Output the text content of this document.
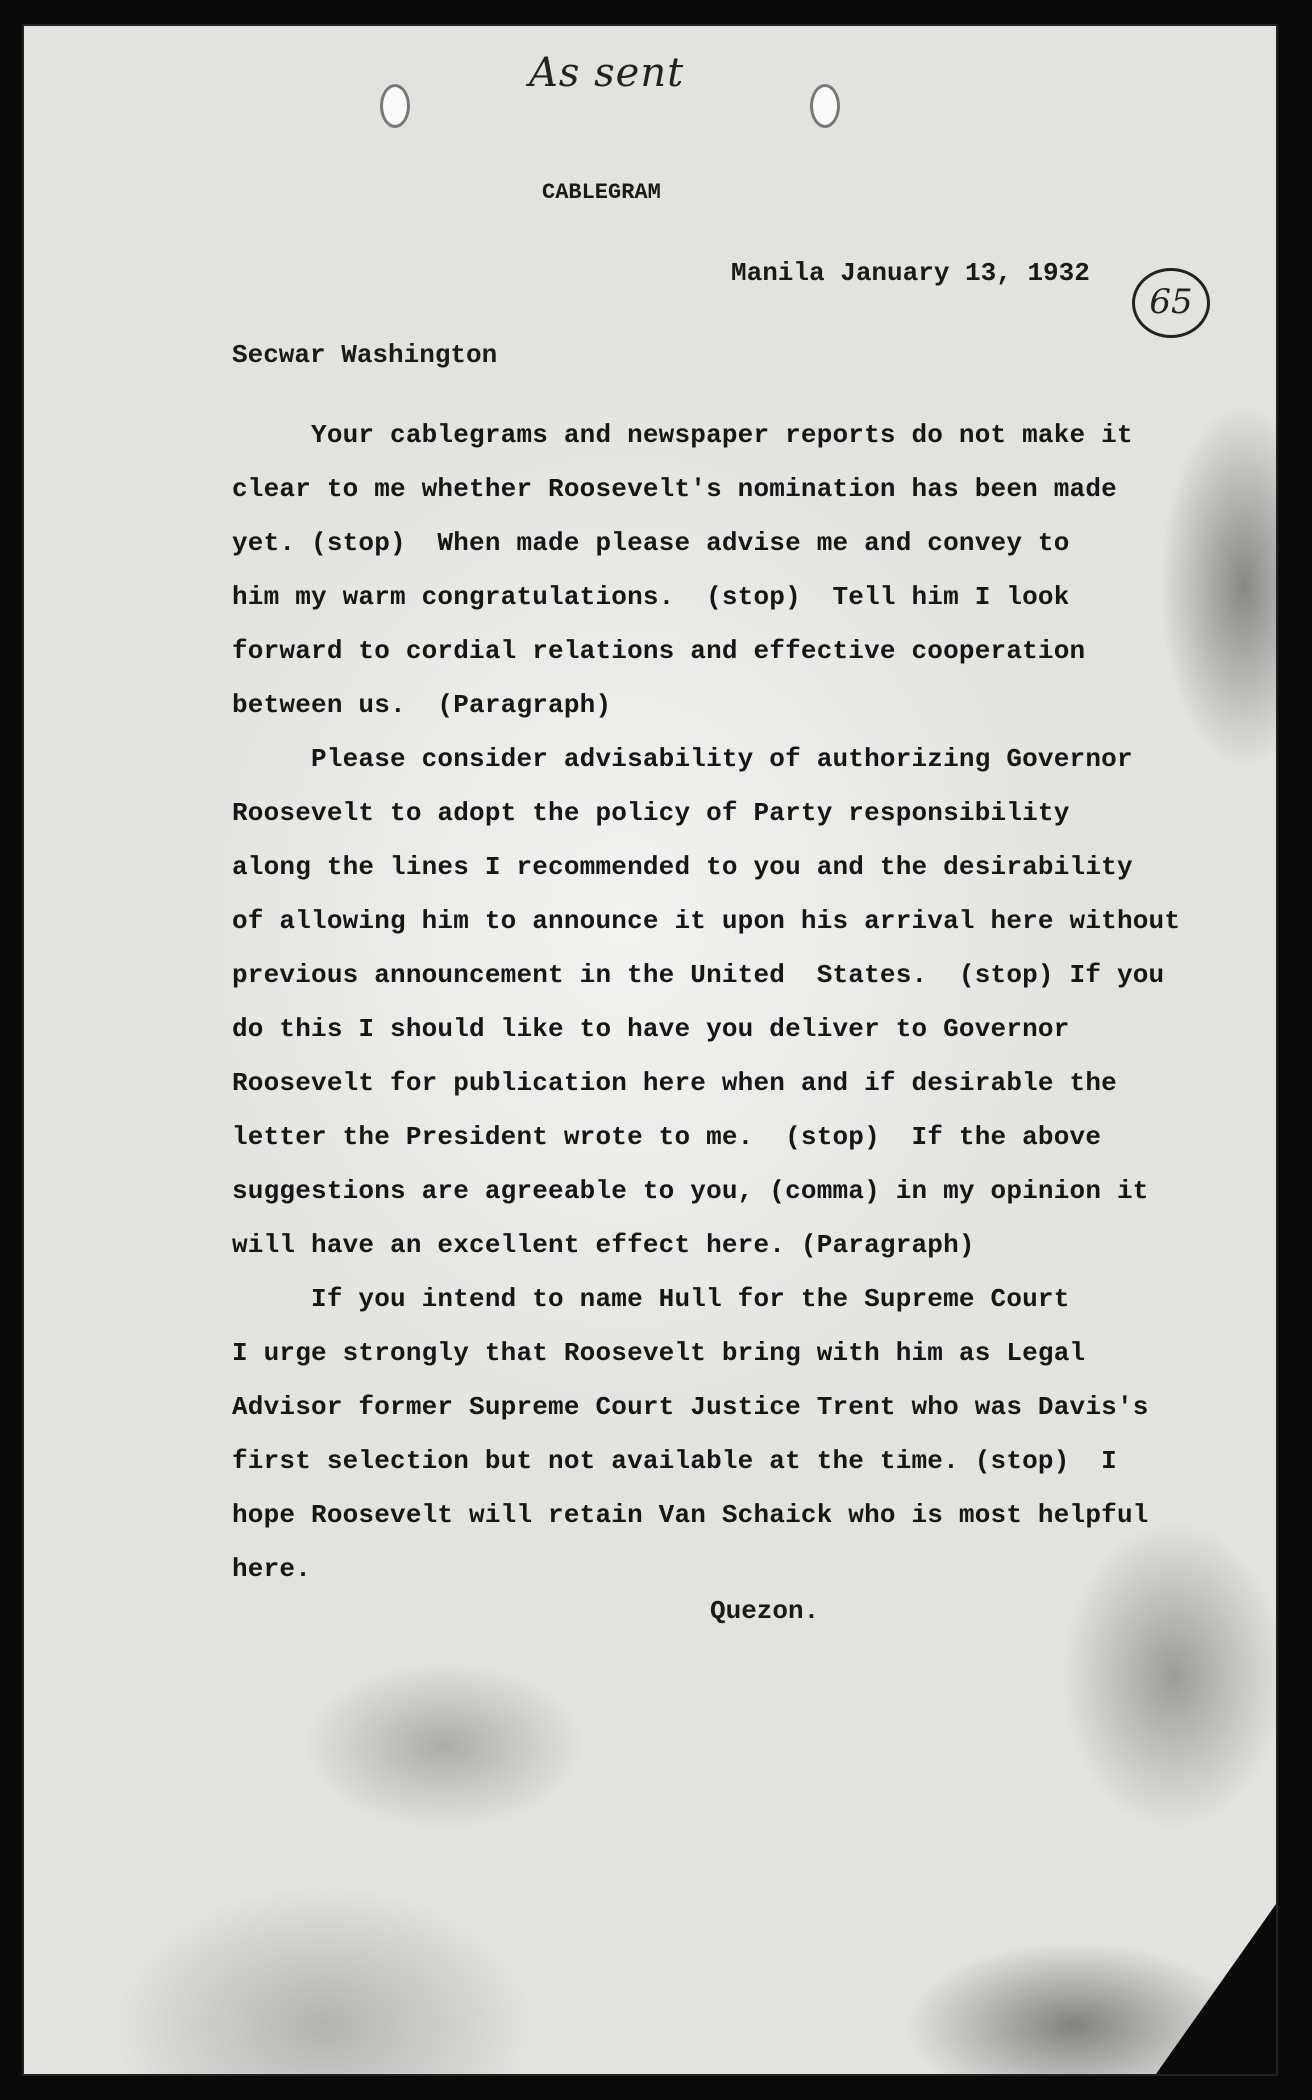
As sent
65
CABLEGRAM
Manila January 13, 1932
Secwar Washington
Your cablegrams and newspaper reports do not make it
clear to me whether Roosevelt's nomination has been made
yet. (stop)  When made please advise me and convey to
him my warm congratulations.  (stop)  Tell him I look
forward to cordial relations and effective cooperation
between us.  (Paragraph)
Please consider advisability of authorizing Governor
Roosevelt to adopt the policy of Party responsibility
along the lines I recommended to you and the desirability
of allowing him to announce it upon his arrival here without
previous announcement in the United  States.  (stop) If you
do this I should like to have you deliver to Governor
Roosevelt for publication here when and if desirable the
letter the President wrote to me.  (stop)  If the above
suggestions are agreeable to you, (comma) in my opinion it
will have an excellent effect here. (Paragraph)
If you intend to name Hull for the Supreme Court
I urge strongly that Roosevelt bring with him as Legal
Advisor former Supreme Court Justice Trent who was Davis's
first selection but not available at the time. (stop)  I
hope Roosevelt will retain Van Schaick who is most helpful
here.
Quezon.
